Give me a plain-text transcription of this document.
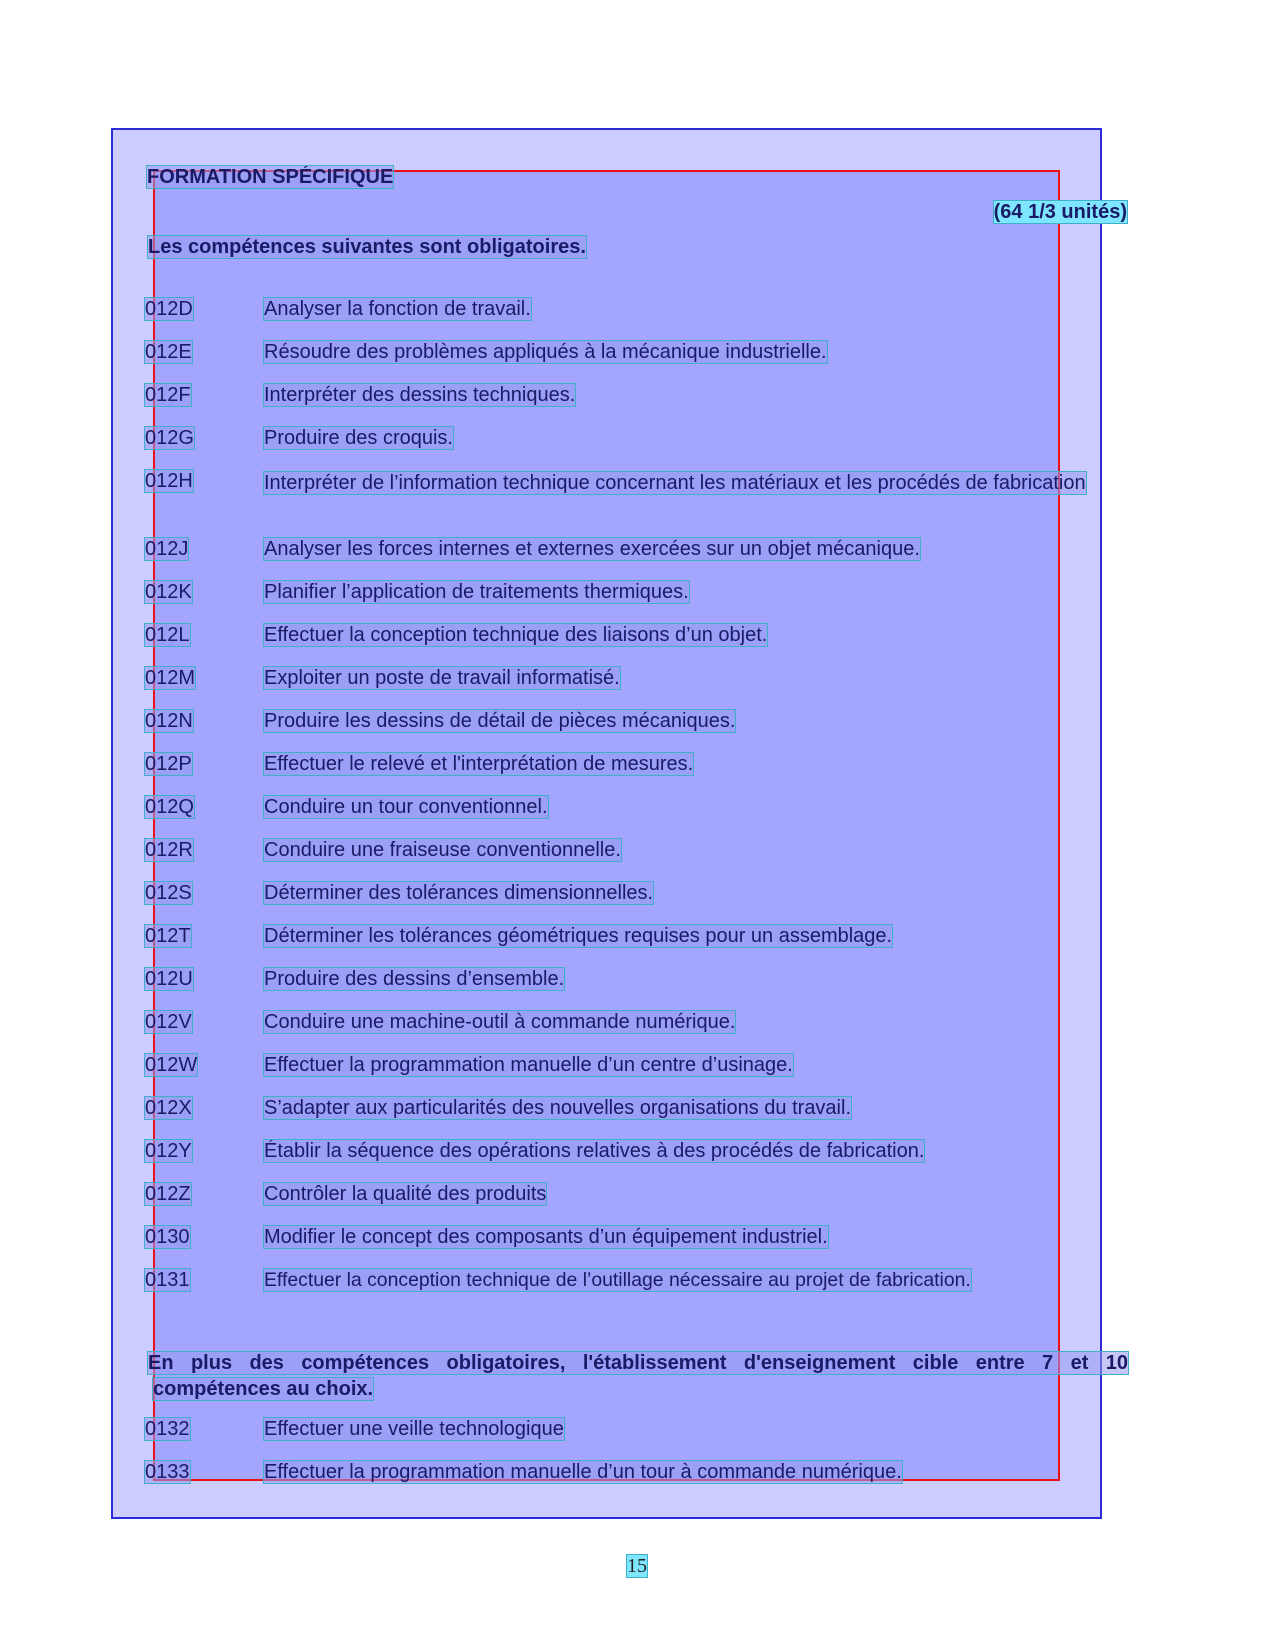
FORMATION SPÉCIFIQUE
(64 1/3 unités)
Les compétences suivantes sont obligatoires.
012D	Analyser la fonction de travail.
012E	Résoudre des problèmes appliqués à la mécanique industrielle.
012F	Interpréter des dessins techniques.
012G	Produire des croquis.
012H	Interpréter de l’information technique concernant les matériaux et les procédés de fabrication
012J	Analyser les forces internes et externes exercées sur un objet mécanique.
012K	Planifier l’application de traitements thermiques.
012L	Effectuer la conception technique des liaisons d’un objet.
012M	Exploiter un poste de travail informatisé.
012N	Produire les dessins de détail de pièces mécaniques.
012P	Effectuer le relevé et l'interprétation de mesures.
012Q	Conduire un tour conventionnel.
012R	Conduire une fraiseuse conventionnelle.
012S	Déterminer des tolérances dimensionnelles.
012T	Déterminer les tolérances géométriques requises pour un assemblage.
012U	Produire des dessins d’ensemble.
012V	Conduire une machine-outil à commande numérique.
012W	Effectuer la programmation manuelle d’un centre d’usinage.
012X	S’adapter aux particularités des nouvelles organisations du travail.
012Y	Établir la séquence des opérations relatives à des procédés de fabrication.
012Z	Contrôler la qualité des produits
0130	Modifier le concept des composants d’un équipement industriel.
0131	Effectuer la conception technique de l’outillage nécessaire au projet de fabrication.
En plus des compétences obligatoires, l'établissement d'enseignement cible entre 7 et 10 compétences au choix.
0132	Effectuer une veille technologique
0133	Effectuer la programmation manuelle d’un tour à commande numérique.
15
